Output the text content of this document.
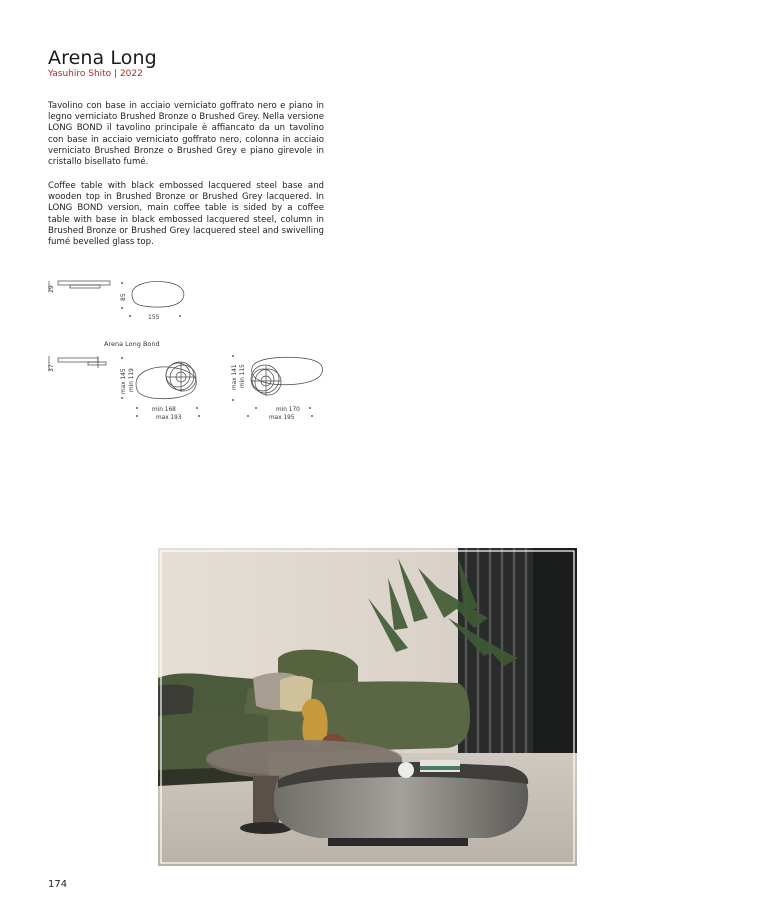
Arena Long
Yasuhiro Shito | 2022
Tavolino con base in acciaio verniciato goffrato nero e piano in legno verniciato Brushed Bronze o Brushed Grey. Nella versione LONG BOND il tavolino principale è affiancato da un tavolino con base in acciaio verniciato goffrato nero, colonna in acciaio verniciato Brushed Bronze o Brushed Grey e piano girevole in cristallo bisellato fumé.
Coffee table with black embossed lacquered steel base and wooden top in Brushed Bronze or Brushed Grey lacquered. In LONG BOND version, main coffee table is sided by a coffee table with base in black embossed lacquered steel, column in Brushed Bronze or Brushed Grey lacquered steel and swivelling fumé bevelled glass top.
29
85
155
Arena Long Bond
37
max 145 min 119
min 168
max 193
max 141 min 115
min 170
max 195
174
